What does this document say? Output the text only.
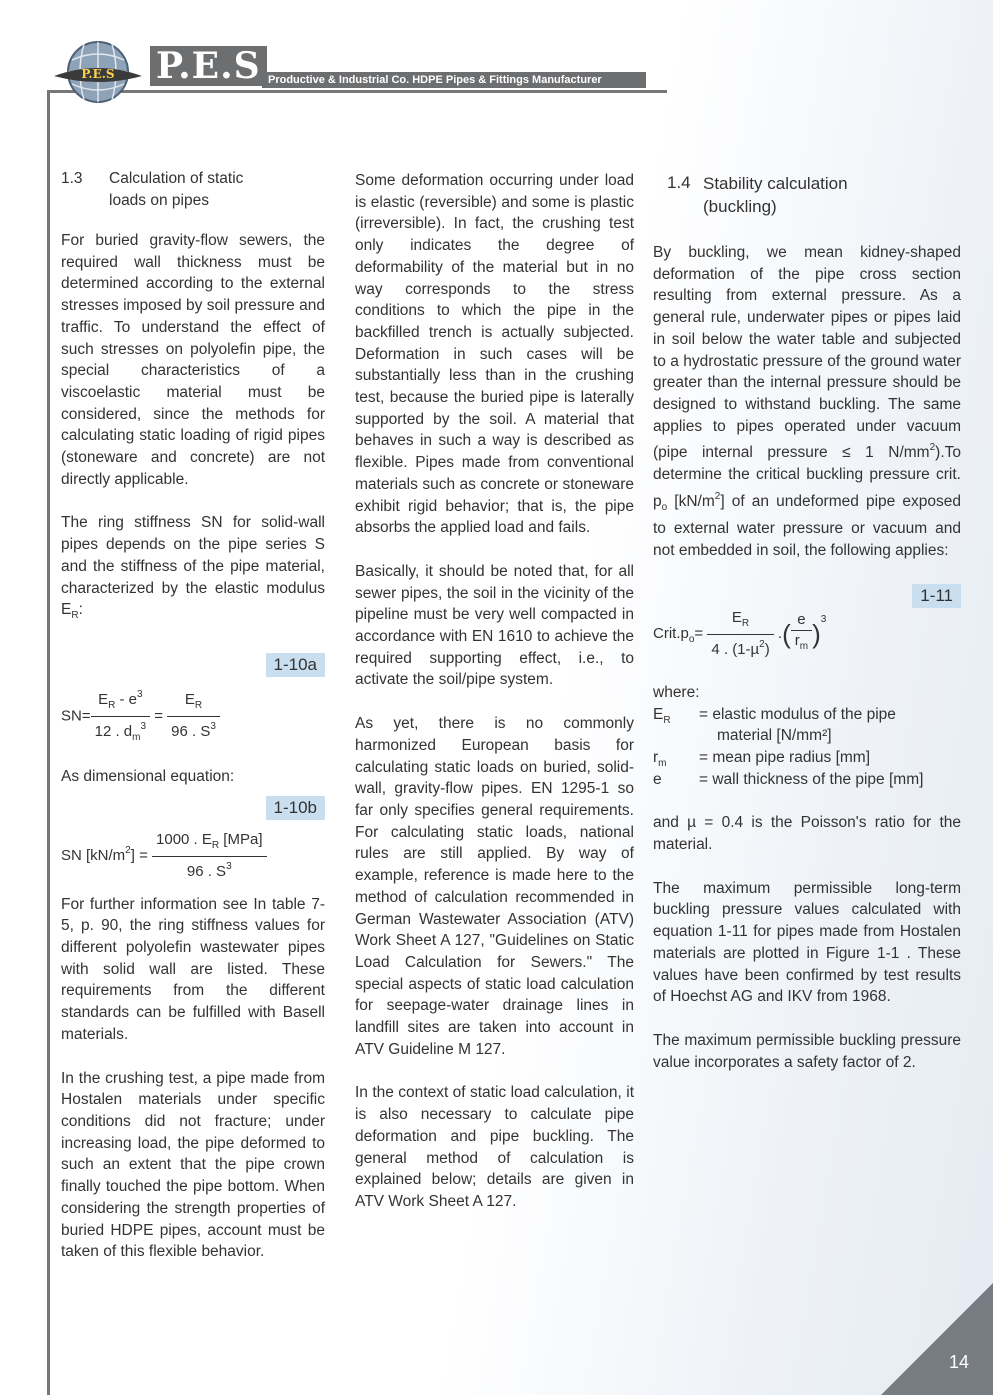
P.E.S P.E.S Productive & Industrial Co. HDPE Pipes & Fittings Manufacturer
1.3 Calculation of static
loads on pipes

For buried gravity-flow sewers, the required wall thickness must be determined according to the external stresses imposed by soil pressure and traffic. To understand the effect of such stresses on polyolefin pipe, the special characteristics of a viscoelastic material must be considered, since the methods for calculating static loading of rigid pipes (stoneware and concrete) are not directly applicable.

The ring stiffness SN for solid-wall pipes depends on the pipe series S and the stiffness of the pipe material, characterized by the elastic modulus $E_R$:

1-10a

$SN= \frac{E_R - e^3}{12 . d_m^3} = \frac{E_R}{96 . S^3}$

As dimensional equation:

1-10b

SN $[kN/m^2] = \frac{1000 . E_R [MPa]}{96 . S^3}$

For further information see In table 7-5, p. 90, the ring stiffness values for different polyolefin wastewater pipes with solid wall are listed. These requirements from the different standards can be fulfilled with Basell materials.

In the crushing test, a pipe made from Hostalen materials under specific conditions did not fracture; under increasing load, the pipe deformed to such an extent that the pipe crown finally touched the pipe bottom. When considering the strength properties of buried HDPE pipes, account must be taken of this flexible behavior.

Some deformation occurring under load is elastic (reversible) and some is plastic (irreversible). In fact, the crushing test only indicates the degree of deformability of the material but in no way corresponds to the stress conditions to which the pipe in the backfilled trench is actually subjected. Deformation in such cases will be substantially less than in the crushing test, because the buried pipe is laterally supported by the soil. A material that behaves in such a way is described as flexible. Pipes made from conventional materials such as concrete or stoneware exhibit rigid behavior; that is, the pipe absorbs the applied load and fails.

Basically, it should be noted that, for all sewer pipes, the soil in the vicinity of the pipeline must be very well compacted in accordance with EN 1610 to achieve the required supporting effect, i.e., to activate the soil/pipe system.

As yet, there is no commonly harmonized European basis for calculating static loads on buried, solid-wall, gravity-flow pipes. EN 1295-1 so far only specifies general requirements. For calculating static loads, national rules are still applied. By way of example, reference is made here to the method of calculation recommended in German Wastewater Association (ATV) Work Sheet A 127, "Guidelines on Static Load Calculation for Sewers." The special aspects of static load calculation for seepage-water drainage lines in landfill sites are taken into account in ATV Guideline M 127.

In the context of static load calculation, it is also necessary to calculate pipe deformation and pipe buckling. The general method of calculation is explained below; details are given in ATV Work Sheet A 127.

1.4 Stability calculation
(buckling)

By buckling, we mean kidney-shaped deformation of the pipe cross section resulting from external pressure. As a general rule, underwater pipes or pipes laid in soil below the water table and subjected to a hydrostatic pressure of the ground water greater than the internal pressure should be designed to withstand buckling. The same applies to pipes operated under vacuum (pipe internal pressure ≤ 1 $N/mm^2).To$ determine the critical buckling pressure crit. $p_o$ $[kN/m^2]$ of an undeformed pipe exposed to external water pressure or vacuum and not embedded in soil, the following applies:

1-11

$Crit.p_o= \frac{E_R}{4 . (1-\mu^2)}$ .( $\frac{e}{r_m} )^3$

where:

$E_R$ = elastic modulus of the pipe
material [N/mm²]
$r_m$ = mean pipe radius [mm]
e = wall thickness of the pipe [mm]

and µ = 0.4 is the Poisson's ratio for the material.

The maximum permissible long-term buckling pressure values calculated with equation 1-11 for pipes made from Hostalen materials are plotted in Figure 1-1 . These values have been confirmed by test results of Hoechst AG and IKV from 1968.

The maximum permissible buckling pressure value incorporates a safety factor of 2.

14
